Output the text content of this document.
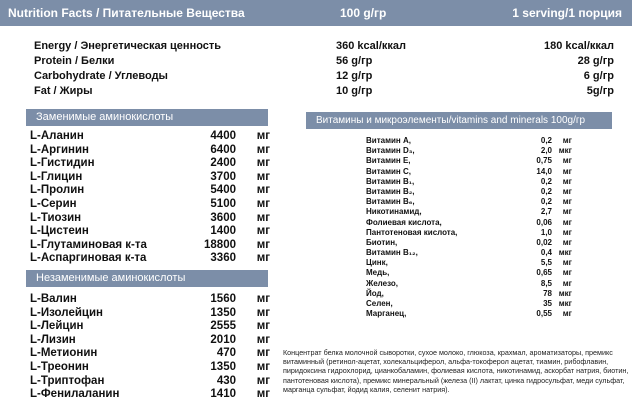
Nutrition Facts / Питательные Вещества	100 g/гр	1 serving/1 порция
Energy / Энергетическая ценность	360 kcal/ккал	180 kcal/ккал
Protein / Белки	56 g/гр	28 g/гр
Carbohydrate / Углеводы	12 g/гр	6 g/гр
Fat / Жиры	10 g/гр	5g/гр
Заменимые аминокислоты
L-Аланин	4400 мг
L-Аргинин	6400 мг
L-Гистидин	2400 мг
L-Глицин	3700 мг
L-Пролин	5400 мг
L-Серин	5100 мг
L-Тиозин	3600 мг
L-Цистеин	1400 мг
L-Глутаминовая к-та	18800 мг
L-Аспаргиновая к-та	3360 мг
Незаменимые аминокислоты
L-Валин	1560 мг
L-Изолейцин	1350 мг
L-Лейцин	2555 мг
L-Лизин	2010 мг
L-Метионин	470 мг
L-Треонин	1350 мг
L-Триптофан	430 мг
L-Фенилаланин	1410 мг
Витамины и микроэлементы/vitamins and minerals 100g/гр
Витамин A,	0,2 мг
Витамин D₃,	2,0 мкг
Витамин E,	0,75 мг
Витамин C,	14,0 мг
Витамин B₁,	0,2 мг
Витамин B₂,	0,2 мг
Витамин B₆,	0,2 мг
Никотинамид,	2,7 мг
Фолиевая кислота,	0,06 мг
Пантотеновая кислота,	1,0 мг
Биотин,	0,02 мг
Витамин B₁₂,	0,4 мкг
Цинк,	5,5 мг
Медь,	0,65 мг
Железо,	8,5 мг
Йод,	78 мкг
Селен,	35 мкг
Марганец,	0,55 мг
Концентрат белка молочной сыворотки, сухое молоко, глюкоза, крахмал, ароматизаторы, премикс витаминный (ретинол-ацетат, холекальциферол, альфа-токоферол ацетат, тиамин, рибофлавин, пиридоксина гидрохлорид, цианкобаламин, фолиевая кислота, никотинамид, аскорбат натрия, биотин, пантотеновая кислота), премикс минеральный (железа (II) лактат, цинка гидросульфат, меди сульфат, марганца сульфат, йодид калия, селенит натрия).
